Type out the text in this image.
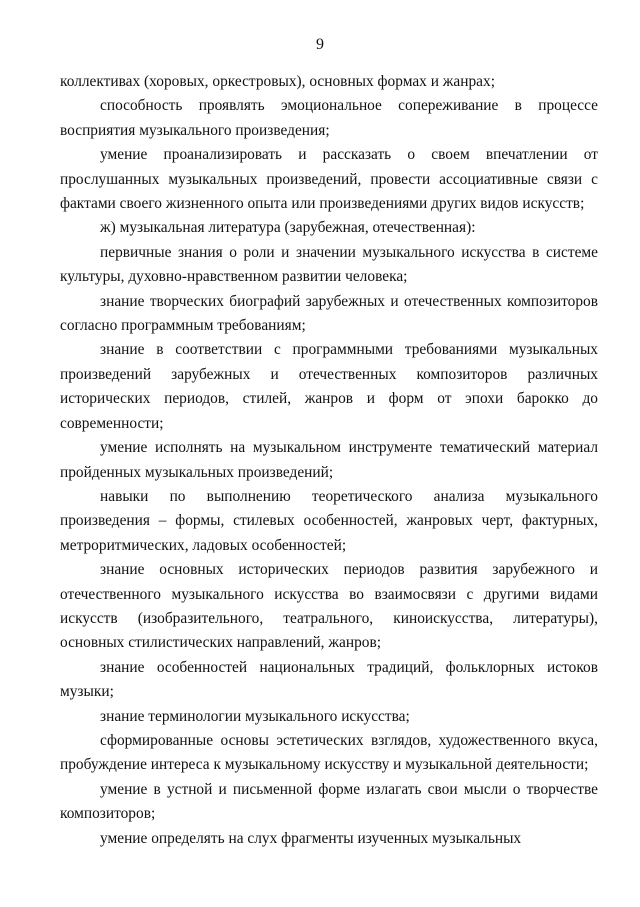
9

коллективах (хоровых, оркестровых), основных формах и жанрах;

способность проявлять эмоциональное сопереживание в процессе восприятия музыкального произведения;

умение проанализировать и рассказать о своем впечатлении от прослушанных музыкальных произведений, провести ассоциативные связи с фактами своего жизненного опыта или произведениями других видов искусств;

ж) музыкальная литература (зарубежная, отечественная):

первичные знания о роли и значении музыкального искусства в системе культуры, духовно-нравственном развитии человека;

знание творческих биографий зарубежных и отечественных композиторов согласно программным требованиям;

знание в соответствии с программными требованиями музыкальных произведений зарубежных и отечественных композиторов различных исторических периодов, стилей, жанров и форм от эпохи барокко до современности;

умение исполнять на музыкальном инструменте тематический материал пройденных музыкальных произведений;

навыки по выполнению теоретического анализа музыкального произведения – формы, стилевых особенностей, жанровых черт, фактурных, метроритмических, ладовых особенностей;

знание основных исторических периодов развития зарубежного и отечественного музыкального искусства во взаимосвязи с другими видами искусств (изобразительного, театрального, киноискусства, литературы), основных стилистических направлений, жанров;

знание особенностей национальных традиций, фольклорных истоков музыки;

знание терминологии музыкального искусства;

сформированные основы эстетических взглядов, художественного вкуса, пробуждение интереса к музыкальному искусству и музыкальной деятельности;

умение в устной и письменной форме излагать свои мысли о творчестве композиторов;

умение определять на слух фрагменты изученных музыкальных
